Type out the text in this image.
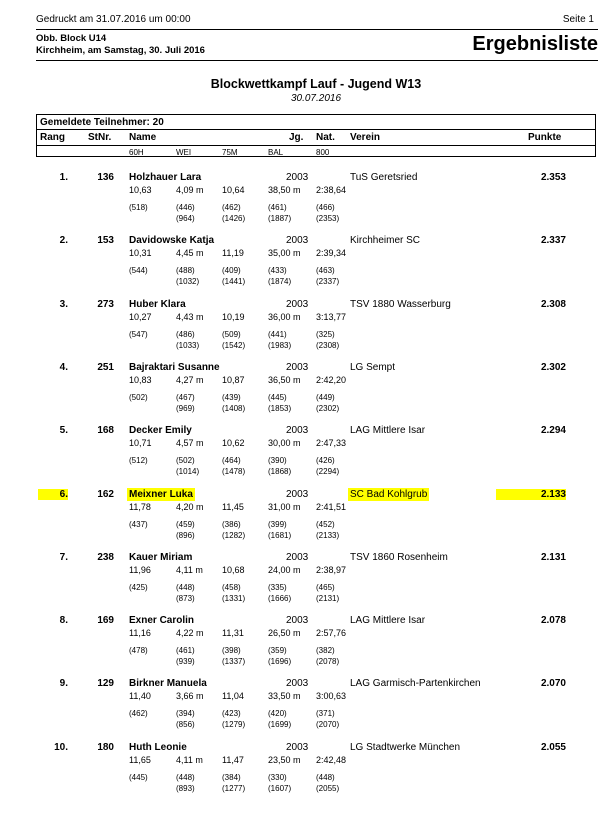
Gedruckt am 31.07.2016 um 00:00	Seite 1
Obb. Block U14
Kirchheim, am Samstag, 30. Juli 2016	Ergebnisliste
Blockwettkampf Lauf - Jugend W13
30.07.2016
Gemeldete Teilnehmer: 20
Rang StNr. Name	Jg. Nat. Verein	Punkte
60H	WEI	75M	BAL	800
1.	136 Holzhauer Lara	2003	TuS Geretsried	2.353
10,63	4,09 m 10,64	38,50 m 2:38,64
(518)	(446)	(462)	(461)	(466)
(964)	(1426)	(1887)	(2353)
2.	153 Davidowske Katja	2003	Kirchheimer SC	2.337
10,31	4,45 m 11,19	35,00 m 2:39,34
(544)	(488)	(409)	(433)	(463)
(1032)	(1441)	(1874)	(2337)
3.	273 Huber Klara	2003	TSV 1880 Wasserburg	2.308
10,27	4,43 m 10,19	36,00 m 3:13,77
(547)	(486)	(509)	(441)	(325)
(1033)	(1542)	(1983)	(2308)
4.	251 Bajraktari Susanne	2003	LG Sempt	2.302
10,83	4,27 m 10,87	36,50 m 2:42,20
(502)	(467)	(439)	(445)	(449)
(969)	(1408)	(1853)	(2302)
5.	168 Decker Emily	2003	LAG Mittlere Isar	2.294
10,71	4,57 m 10,62	30,00 m 2:47,33
(512)	(502)	(464)	(390)	(426)
(1014)	(1478)	(1868)	(2294)
6.	162 Meixner Luka	2003	SC Bad Kohlgrub	2.133
11,78	4,20 m 11,45	31,00 m 2:41,51
(437)	(459)	(386)	(399)	(452)
(896)	(1282)	(1681)	(2133)
7.	238 Kauer Miriam	2003	TSV 1860 Rosenheim	2.131
11,96	4,11 m 10,68	24,00 m 2:38,97
(425)	(448)	(458)	(335)	(465)
(873)	(1331)	(1666)	(2131)
8.	169 Exner Carolin	2003	LAG Mittlere Isar	2.078
11,16	4,22 m 11,31	26,50 m 2:57,76
(478)	(461)	(398)	(359)	(382)
(939)	(1337)	(1696)	(2078)
9.	129 Birkner Manuela	2003	LAG Garmisch-Partenkirchen	2.070
11,40	3,66 m 11,04	33,50 m 3:00,63
(462)	(394)	(423)	(420)	(371)
(856)	(1279)	(1699)	(2070)
10.	180 Huth Leonie	2003	LG Stadtwerke München	2.055
11,65	4,11 m 11,47	23,50 m 2:42,48
(445)	(448)	(384)	(330)	(448)
(893)	(1277)	(1607)	(2055)
